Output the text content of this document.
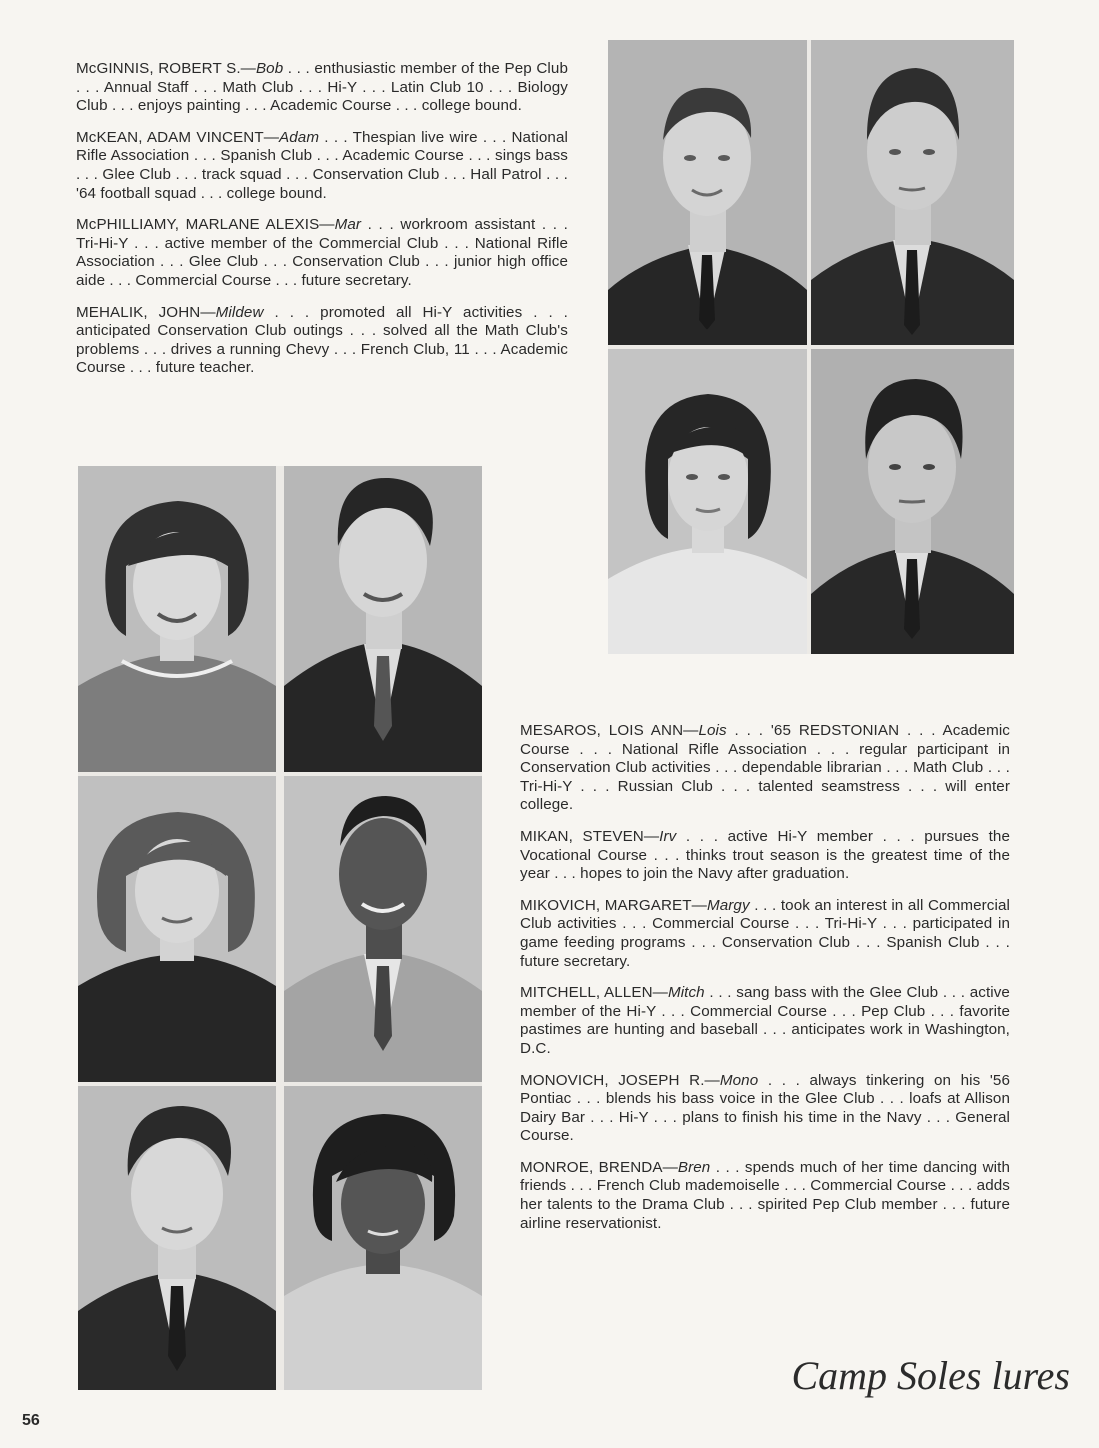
McGINNIS, ROBERT S.—Bob . . . enthusiastic member of the Pep Club . . . Annual Staff . . . Math Club . . . Hi-Y . . . Latin Club 10 . . . Biology Club . . . enjoys painting . . . Academic Course . . . college bound.

McKEAN, ADAM VINCENT—Adam . . . Thespian live wire . . . National Rifle Association . . . Spanish Club . . . Academic Course . . . sings bass . . . Glee Club . . . track squad . . . Conservation Club . . . Hall Patrol . . . '64 football squad . . . college bound.

McPHILLIAMY, MARLANE ALEXIS—Mar . . . workroom assistant . . . Tri-Hi-Y . . . active member of the Commercial Club . . . National Rifle Association . . . Glee Club . . . Conservation Club . . . junior high office aide . . . Commercial Course . . . future secretary.

MEHALIK, JOHN—Mildew . . . promoted all Hi-Y activities . . . anticipated Conservation Club outings . . . solved all the Math Club's problems . . . drives a running Chevy . . . French Club, 11 . . . Academic Course . . . future teacher.

MESAROS, LOIS ANN—Lois . . . '65 REDSTONIAN . . . Academic Course . . . National Rifle Association . . . regular participant in Conservation Club activities . . . dependable librarian . . . Math Club . . . Tri-Hi-Y . . . Russian Club . . . talented seamstress . . . will enter college.

MIKAN, STEVEN—Irv . . . active Hi-Y member . . . pursues the Vocational Course . . . thinks trout season is the greatest time of the year . . . hopes to join the Navy after graduation.

MIKOVICH, MARGARET—Margy . . . took an interest in all Commercial Club activities . . . Commercial Course . . . Tri-Hi-Y . . . participated in game feeding programs . . . Conservation Club . . . Spanish Club . . . future secretary.

MITCHELL, ALLEN—Mitch . . . sang bass with the Glee Club . . . active member of the Hi-Y . . . Commercial Course . . . Pep Club . . . favorite pastimes are hunting and baseball . . . anticipates work in Washington, D.C.

MONOVICH, JOSEPH R.—Mono . . . always tinkering on his '56 Pontiac . . . blends his bass voice in the Glee Club . . . loafs at Allison Dairy Bar . . . Hi-Y . . . plans to finish his time in the Navy . . . General Course.

MONROE, BRENDA—Bren . . . spends much of her time dancing with friends . . . French Club mademoiselle . . . Commercial Course . . . adds her talents to the Drama Club . . . spirited Pep Club member . . . future airline reservationist.

Camp Soles lures
56
